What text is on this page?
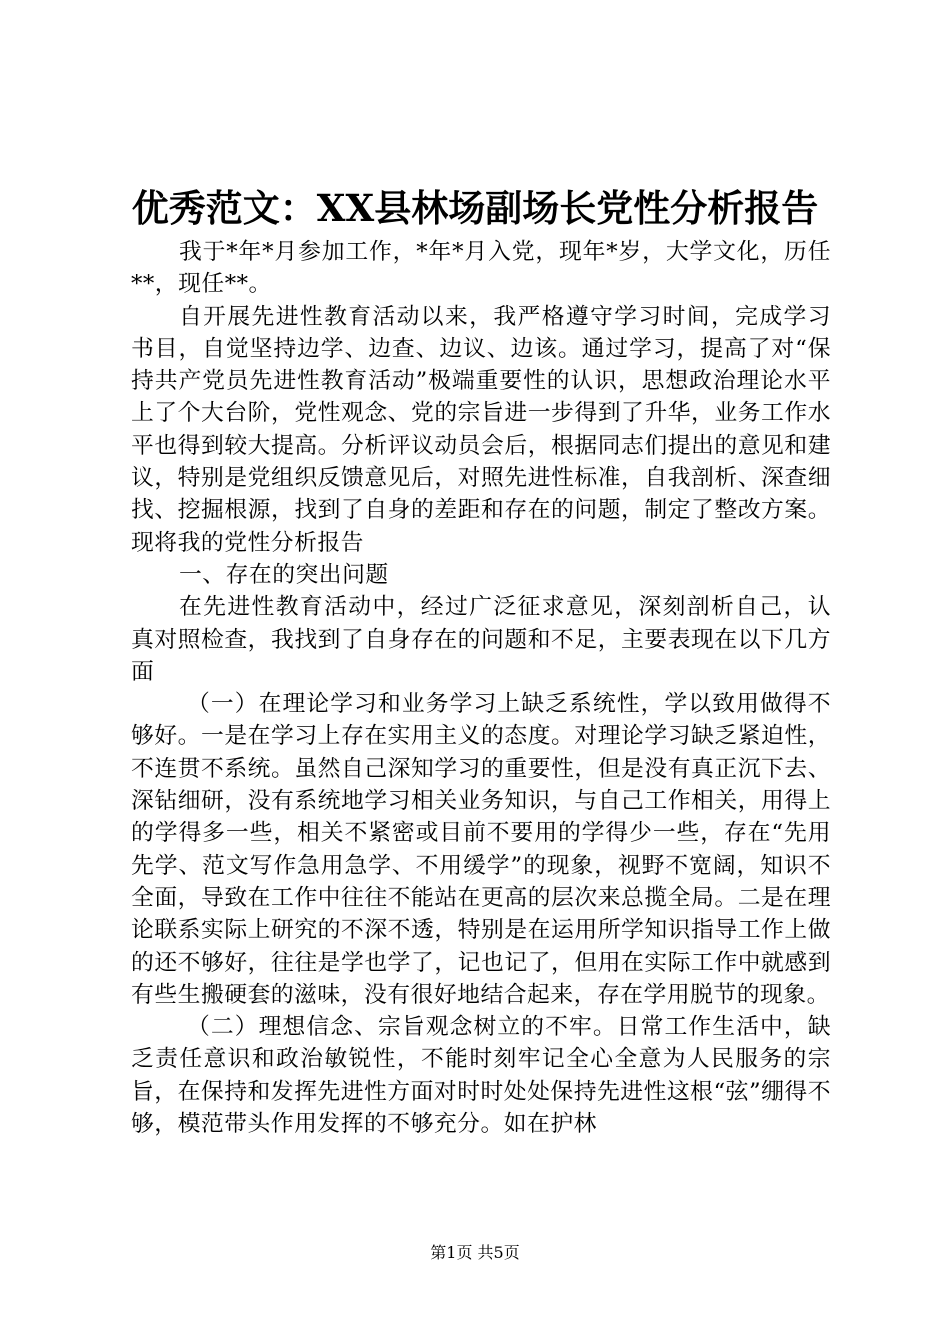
优秀范文：XX县林场副场长党性分析报告

我于*年*月参加工作，*年*月入党，现年*岁，大学文化，历任**，现任**。

自开展先进性教育活动以来，我严格遵守学习时间，完成学习书目，自觉坚持边学、边查、边议、边该。通过学习，提高了对“保持共产党员先进性教育活动”极端重要性的认识，思想政治理论水平上了个大台阶，党性观念、党的宗旨进一步得到了升华，业务工作水平也得到较大提高。分析评议动员会后，根据同志们提出的意见和建议，特别是党组织反馈意见后，对照先进性标准，自我剖析、深查细找、挖掘根源，找到了自身的差距和存在的问题，制定了整改方案。现将我的党性分析报告

一、存在的突出问题

在先进性教育活动中，经过广泛征求意见，深刻剖析自己，认真对照检查，我找到了自身存在的问题和不足，主要表现在以下几方面

（一）在理论学习和业务学习上缺乏系统性，学以致用做得不够好。一是在学习上存在实用主义的态度。对理论学习缺乏紧迫性，不连贯不系统。虽然自己深知学习的重要性，但是没有真正沉下去、深钻细研，没有系统地学习相关业务知识，与自己工作相关，用得上的学得多一些，相关不紧密或目前不要用的学得少一些，存在“先用先学、范文写作急用急学、不用缓学”的现象，视野不宽阔，知识不全面，导致在工作中往往不能站在更高的层次来总揽全局。二是在理论联系实际上研究的不深不透，特别是在运用所学知识指导工作上做的还不够好，往往是学也学了，记也记了，但用在实际工作中就感到有些生搬硬套的滋味，没有很好地结合起来，存在学用脱节的现象。

（二）理想信念、宗旨观念树立的不牢。日常工作生活中，缺乏责任意识和政治敏锐性，不能时刻牢记全心全意为人民服务的宗旨，在保持和发挥先进性方面对时时处处保持先进性这根“弦”绷得不够，模范带头作用发挥的不够充分。如在护林

第1页 共5页
